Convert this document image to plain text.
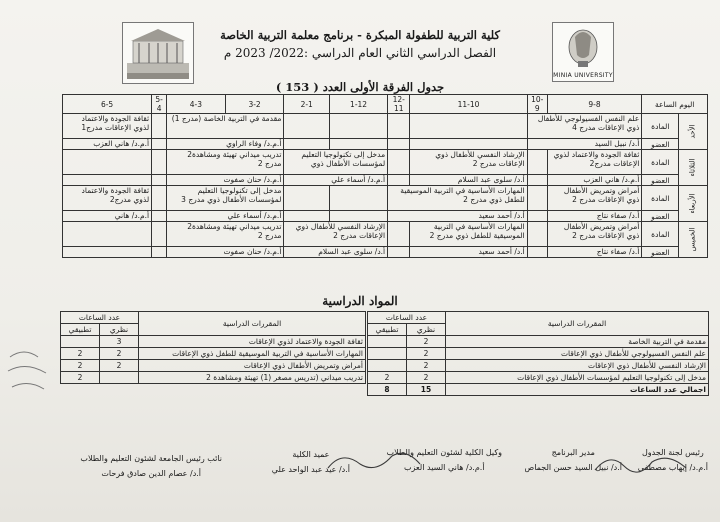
MINIA UNIVERSITY
كلية التربية للطفولة المبكرة - برنامج معلمة التربية الخاصة
الفصل الدراسي الثاني العام الدراسي :2022/ 2023 م
جدول الفرقة الأولى العدد ( 153 )
اليوم الساعة		9-8	10-9	11-10	12-11	1-12	2-1	3-2	4-3	5-4	6-5
الأحد	المادة	علم النفس الفسيولوجي للأطفال ذوي الإعاقات مدرج 4						مقدمة في التربية الخاصة (مدرج 1)			ثقافة الجودة والاعتماد لذوي الإعاقات مدرج1
	العضو	أ.د/ نبيل السيد						أ.م.د/ وفاء الراوي			أ.م.د/ هاني العزب
الثلاثاء	المادة	ثقافة الجودة والاعتماد لذوي الإعاقات مدرج2		الإرشاد النفسي للأطفال ذوي الإعاقات مدرج 2		مدخل إلى تكنولوجيا التعليم لمؤسسات الأطفال ذوي		تدريب ميداني تهيئة ومشاهدة2 مدرج 2			
	العضو	أ.م.د/ هاني العزب		أ.د/ سلوى عبد السلام		أ.م.د/ أسماء علي		أ.م.د/ حنان صفوت			
الأربعاء	المادة	أمراض وتمريض الأطفال ذوي الإعاقات مدرج 2		المهارات الأساسية في التربية الموسيقية للطفل ذوي مدرج 2				مدخل إلى تكنولوجيا التعليم لمؤسسات الأطفال ذوي مدرج 3			ثقافة الجودة والاعتماد لذوي مدرج2
	العضو	أ.د/ صفاء نتاج		أ.د/ أحمد سعيد				أ.م.د/ أسماء علي			أ.م.د/ هاني
الخميس	المادة	أمراض وتمريض الأطفال ذوي الإعاقات مدرج 2		المهارات الأساسية في التربية الموسيقية للطفل ذوي مدرج 2		الإرشاد النفسي للأطفال ذوي الإعاقات مدرج 2		تدريب ميداني تهيئة ومشاهدة2 مدرج 2			
	العضو	أ.د/ صفاء نتاج		أ.د/ أحمد سعيد		أ.د/ سلوى عبد السلام		أ.م.د/ حنان صفوت			
المواد الدراسية
المقررات الدراسية	عدد الساعات	
	نظري	تطبيقي
مقدمة في التربية الخاصة	2	
علم النفس الفسيولوجي للأطفال ذوي الإعاقات	2	
الإرشاد النفسي للأطفال ذوي الإعاقات	2	
مدخل إلى تكنولوجيا التعليم لمؤسسات الأطفال ذوي الإعاقات	2	2
اجمالي عدد الساعات	15	8
المقررات الدراسية	عدد الساعات	
	نظري	تطبيقي
ثقافة الجودة والاعتماد لذوي الإعاقات	3	
المهارات الأساسية في التربية الموسيقية للطفل ذوي الإعاقات	2	2
أمراض وتمريض الأطفال ذوي الإعاقات	2	2
تدريب ميداني (تدريس مصغر (1) تهيئة ومشاهدة 2		2
رئيس لجنة الجدول
أ.م.د/ إيهاب مصطفى
مدير البرنامج
أ.د/ نبيل السيد حسن الجماص
وكيل الكلية لشئون التعليم والطلاب
أ.م.د/ هاني السيد العزب
عميد الكلية
أ.د/ عيد عبد الواحد علي
نائب رئيس الجامعة لشئون التعليم والطلاب
أ.د/ عصام الدين صادق فرحات
